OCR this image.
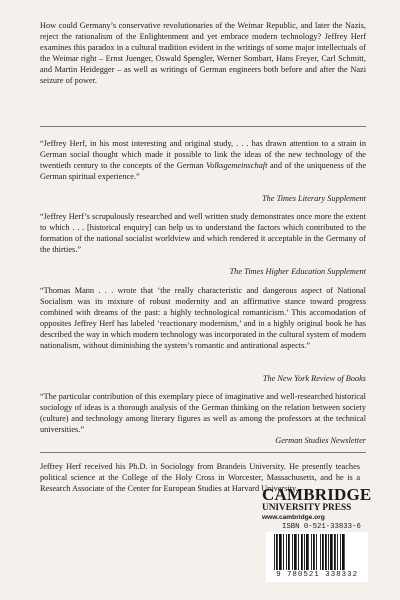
How could Germany’s conservative revolutionaries of the Weimar Republic, and later the Nazis, reject the rationalism of the Enlightenment and yet embrace modern technology? Jeffrey Herf examines this paradox in a cultural tradition evident in the writings of some major intellectuals of the Weimar right – Ernst Juenger, Oswald Spengler, Werner Sombart, Hans Freyer, Carl Schmitt, and Martin Heidegger – as well as writings of German engineers both before and after the Nazi seizure of power.

“Jeffrey Herf, in his most interesting and original study, . . . has drawn attention to a strain in German social thought which made it possible to link the ideas of the new technology of the twentieth century to the concepts of the German Volksgemeinschaft and of the uniqueness of the German spiritual experience.”

The Times Literary Supplement

“Jeffrey Herf’s scrupulously researched and well written study demonstrates once more the extent to which . . . [historical enquiry] can help us to understand the factors which contributed to the formation of the national socialist worldview and which rendered it acceptable in the Germany of the thirties.”

The Times Higher Education Supplement

“Thomas Mann . . . wrote that ‘the really characteristic and dangerous aspect of National Socialism was its mixture of robust modernity and an affirmative stance toward progress combined with dreams of the past: a highly technological romanticism.’ This accomodation of opposites Jeffrey Herf has labeled ‘reactionary modernism,’ and in a highly original book he has described the way in which modern technology was incorporated in the cultural system of modern nationalism, without diminishing the system’s romantic and antirational aspects.”

The New York Review of Books

“The particular contribution of this exemplary piece of imaginative and well-researched historical sociology of ideas is a thorough analysis of the German thinking on the relation between society (culture) and technology among literary figures as well as among the professors at the technical universities.”

German Studies Newsletter

Jeffrey Herf received his Ph.D. in Sociology from Brandeis University. He presently teaches political science at the College of the Holy Cross in Worcester, Massachusetts, and he is a Research Associate of the Center for European Studies at Harvard University.

CAMBRIDGE

UNIVERSITY PRESS

www.cambridge.org

ISBN 0-521-33833-6

9 780521 338332
